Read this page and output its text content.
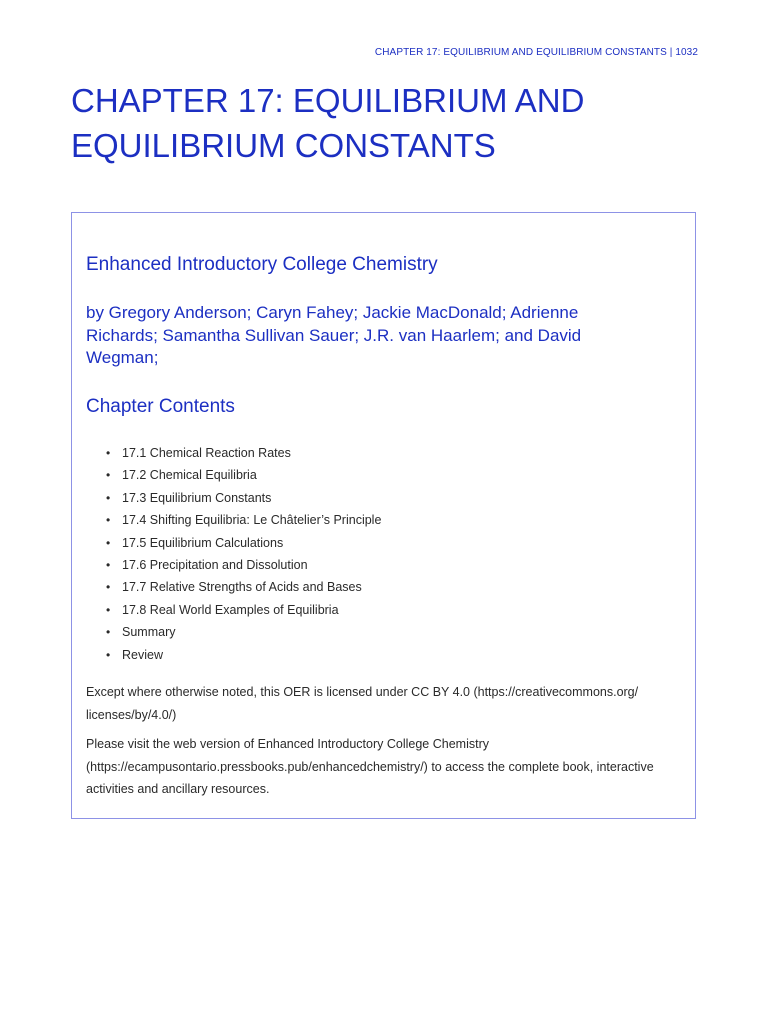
CHAPTER 17: EQUILIBRIUM AND EQUILIBRIUM CONSTANTS | 1032
CHAPTER 17: EQUILIBRIUM AND
EQUILIBRIUM CONSTANTS
Enhanced Introductory College Chemistry

by Gregory Anderson; Caryn Fahey; Jackie MacDonald; Adrienne
Richards; Samantha Sullivan Sauer; J.R. van Haarlem; and David
Wegman;

Chapter Contents
• 17.1 Chemical Reaction Rates
• 17.2 Chemical Equilibria
• 17.3 Equilibrium Constants
• 17.4 Shifting Equilibria: Le Châtelier’s Principle
• 17.5 Equilibrium Calculations
• 17.6 Precipitation and Dissolution
• 17.7 Relative Strengths of Acids and Bases
• 17.8 Real World Examples of Equilibria
• Summary
• Review

Except where otherwise noted, this OER is licensed under CC BY 4.0 (https://creativecommons.org/
licenses/by/4.0/)

Please visit the web version of Enhanced Introductory College Chemistry
(https://ecampusontario.pressbooks.pub/enhancedchemistry/) to access the complete book, interactive
activities and ancillary resources.
